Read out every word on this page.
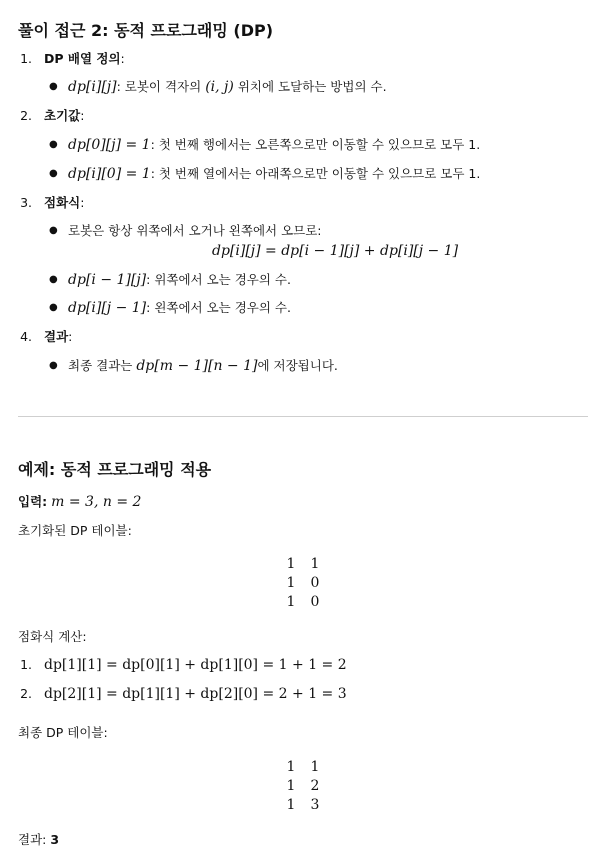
풀이 접근 2: 동적 프로그래밍 (DP)
1. DP 배열 정의:
● dp[i][j]: 로봇이 격자의 (i, j) 위치에 도달하는 방법의 수.
2. 초기값:
● dp[0][j] = 1: 첫 번째 행에서는 오른쪽으로만 이동할 수 있으므로 모두 1.
● dp[i][0] = 1: 첫 번째 열에서는 아래쪽으로만 이동할 수 있으므로 모두 1.
3. 점화식:
● 로봇은 항상 위쪽에서 오거나 왼쪽에서 오므로:
dp[i][j] = dp[i − 1][j] + dp[i][j − 1]
● dp[i − 1][j]: 위쪽에서 오는 경우의 수.
● dp[i][j − 1]: 왼쪽에서 오는 경우의 수.
4. 결과:
● 최종 결과는 dp[m − 1][n − 1]에 저장됩니다.
예제: 동적 프로그래밍 적용
입력: m = 3, n = 2
초기화된 DP 테이블:
1	1
1	0
1	0
점화식 계산:
1. dp[1][1] = dp[0][1] + dp[1][0] = 1 + 1 = 2
2. dp[2][1] = dp[1][1] + dp[2][0] = 2 + 1 = 3
최종 DP 테이블:
1	1
1	2
1	3
결과: 3
